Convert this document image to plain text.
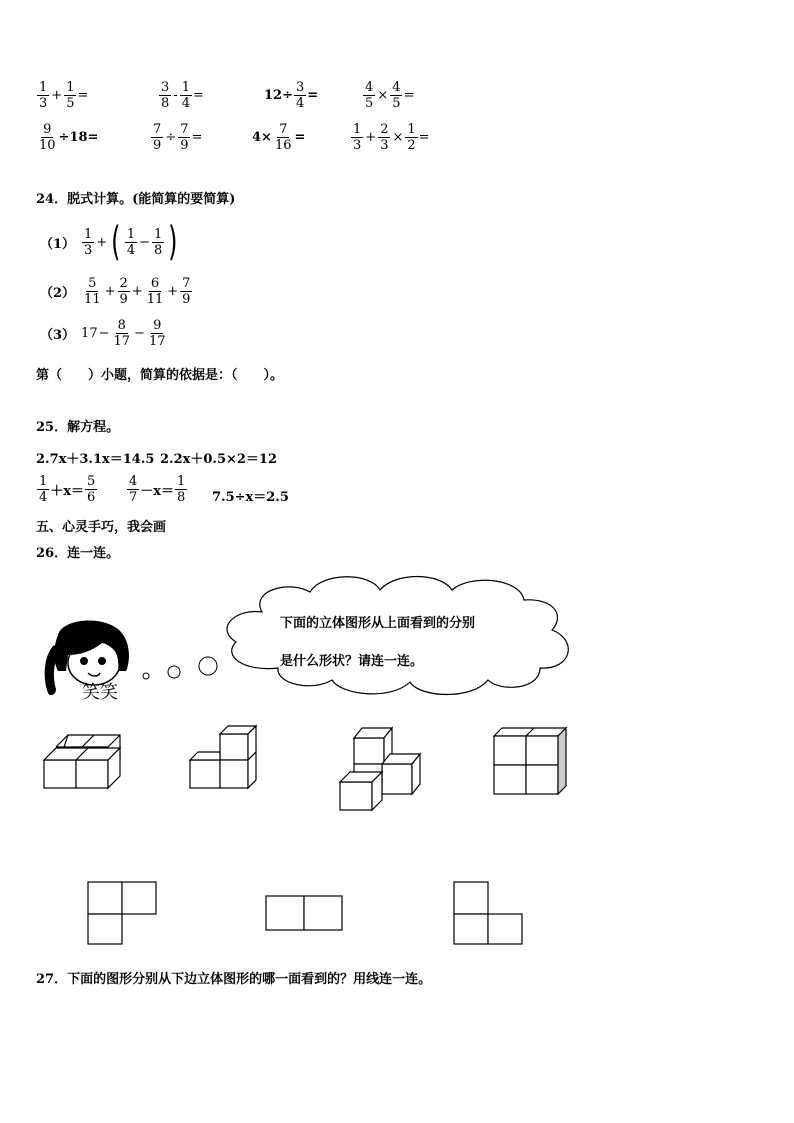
$\frac{1}{3} + \frac{1}{5}$ =	$\frac{3}{8} - \frac{1}{4}$ =	$12\div \frac{3}{4}$ =	$\frac{4}{5} \times \frac{4}{5}$ =
$\frac{9}{10} \div 18=$	$\frac{7}{9} \div \frac{7}{9}$ =	$4\times \frac{7}{16}$ =	$\frac{1}{3} + \frac{2}{3} \times \frac{1}{2}$ =
24．脱式计算。(能简算的要简算)
$(1) \frac{1}{3}$ + ( $\frac{1}{4} - \frac{1}{8}$ )
$(2) \frac{5}{11} + \frac{2}{9} + \frac{6}{11} + \frac{7}{9}$
（3） $17 - \frac{8}{17} - \frac{9}{17}$
第（　　）小题，简算的依据是：（　　）。
25．解方程。
2.7x＋3.1x＝14.5 2.2x＋0.5×2＝12
$\frac{1}{4} +x= \frac{5}{6} \frac{4}{7} -x= \frac{1}{8} 7.5\div x=2.5$
五、心灵手巧，我会画
26．连一连。
下面的立体图形从上面看到的分别
是什么形状？请连一连。
笑笑
27．下面的图形分别从下边立体图形的哪一面看到的？用线连一连。
